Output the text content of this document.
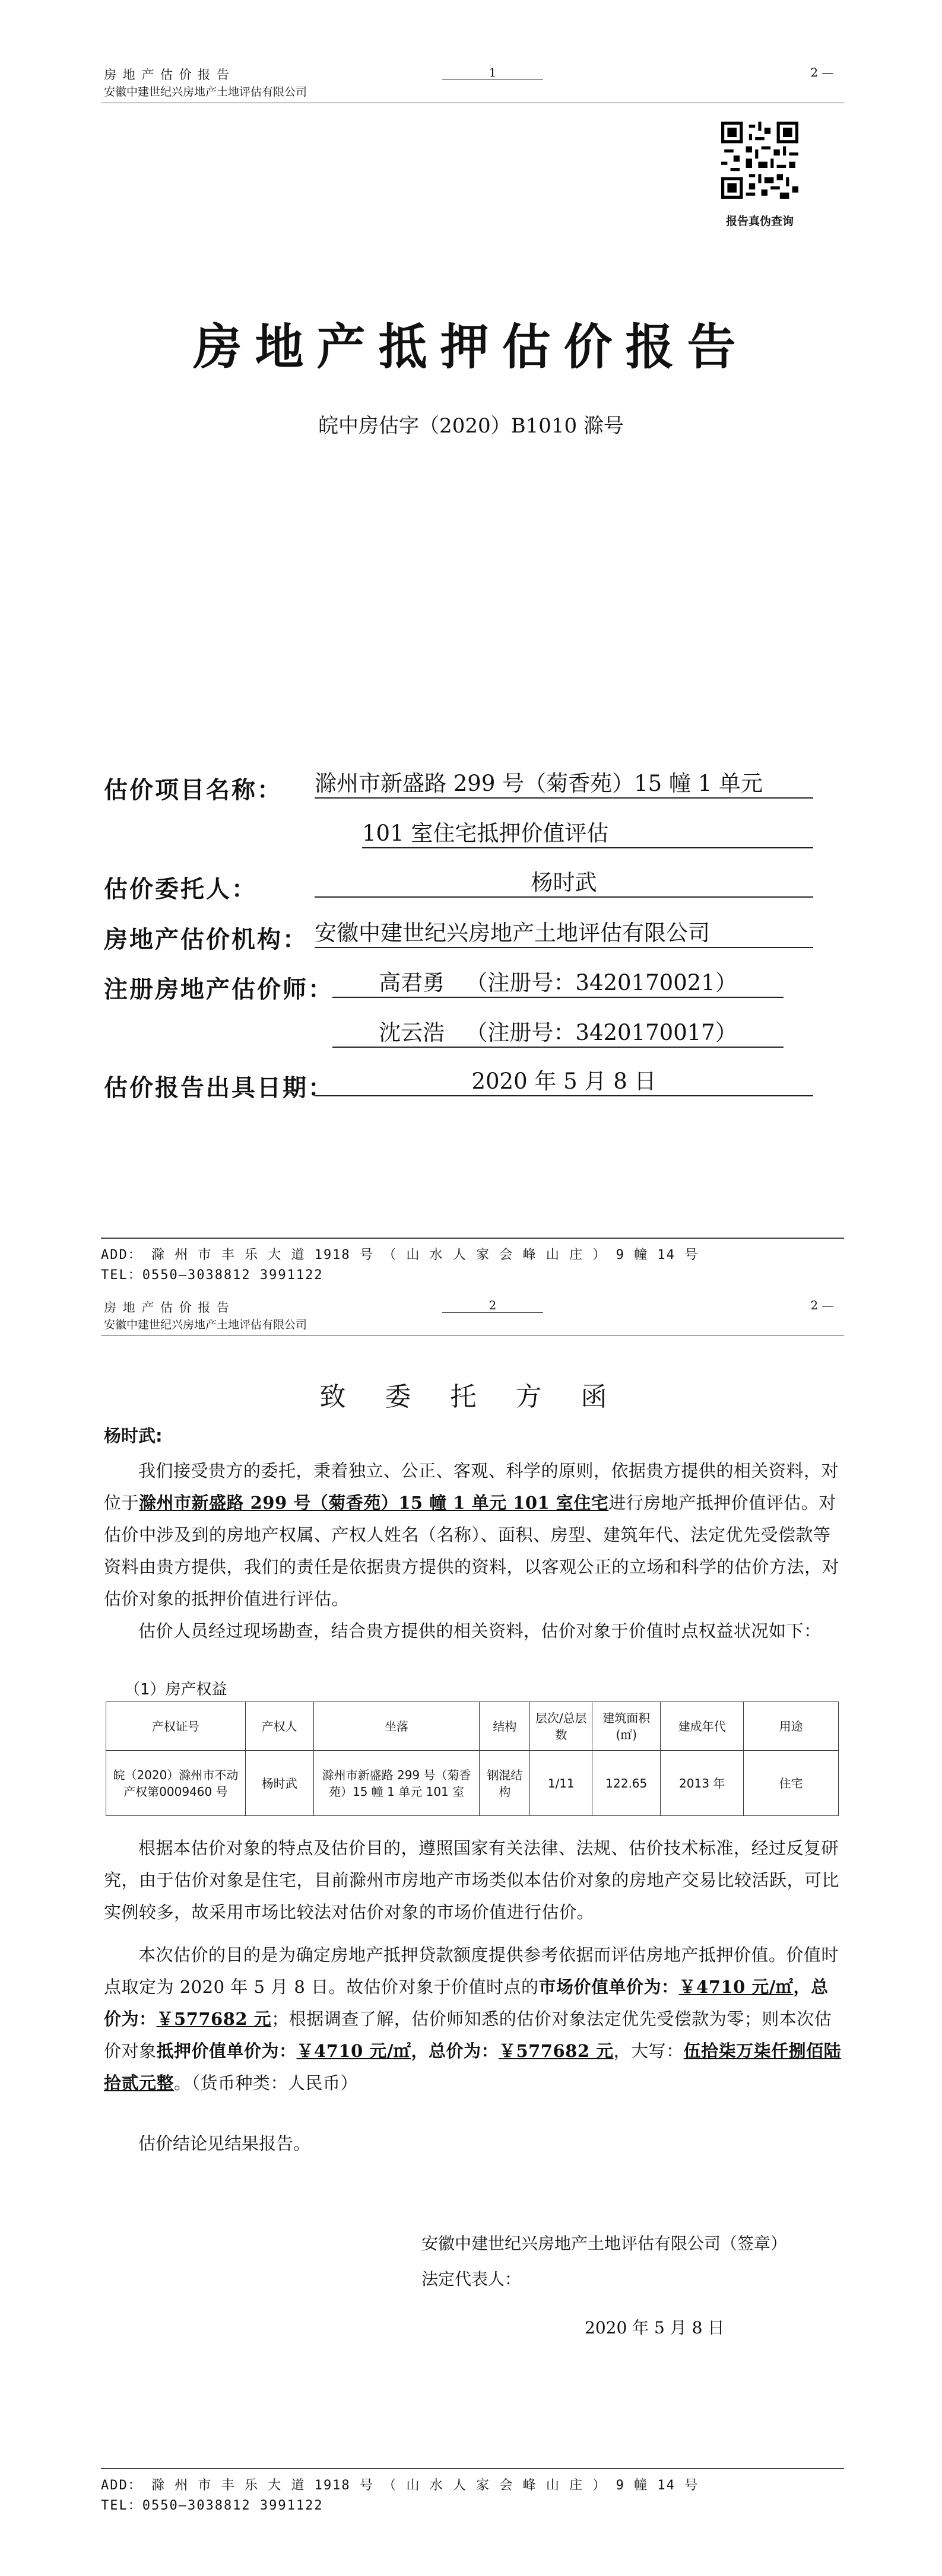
房 地 产 估 价 报 告
安徽中建世纪兴房地产土地评估有限公司
1	2 —
报告真伪查询
房地产抵押估价报告
皖中房估字（2020）B1010 滁号
估价项目名称： 滁州市新盛路 299 号（菊香苑）15 幢 1 单元
101 室住宅抵押价值评估
估价委托人：	杨时武
房地产估价机构： 安徽中建世纪兴房地产土地评估有限公司
注册房地产估价师：	高君勇   （注册号：3420170021）
沈云浩   （注册号：3420170017）
估价报告出具日期：	2020 年 5 月 8 日
ADD： 滁 州 市 丰 乐 大 道 1918 号 （ 山 水 人 家 会 峰 山 庄 ） 9 幢 14 号
TEL：0550—3038812 3991122
房 地 产 估 价 报 告
安徽中建世纪兴房地产土地评估有限公司
2	2 —
致 委 托 方 函
杨时武:
我们接受贵方的委托，秉着独立、公正、客观、科学的原则，依据贵方提供的相关资料，对位于滁州市新盛路 299 号（菊香苑）15 幢 1 单元 101 室住宅进行房地产抵押价值评估。对估价中涉及到的房地产权属、产权人姓名（名称）、面积、房型、建筑年代、法定优先受偿款等资料由贵方提供，我们的责任是依据贵方提供的资料，以客观公正的立场和科学的估价方法，对估价对象的抵押价值进行评估。
估价人员经过现场勘查，结合贵方提供的相关资料，估价对象于价值时点权益状况如下：
（1）房产权益
产权证号	产权人	坐落	结构	层次/总层数	建筑面积(㎡)	建成年代	用途
皖（2020）滁州市不动产权第0009460 号	杨时武	滁州市新盛路 299 号（菊香苑）15 幢 1 单元 101 室	钢混结构	1/11	122.65	2013 年	住宅
根据本估价对象的特点及估价目的，遵照国家有关法律、法规、估价技术标准，经过反复研究，由于估价对象是住宅，目前滁州市房地产市场类似本估价对象的房地产交易比较活跃，可比实例较多，故采用市场比较法对估价对象的市场价值进行估价。
本次估价的目的是为确定房地产抵押贷款额度提供参考依据而评估房地产抵押价值。价值时点取定为 2020 年 5 月 8 日。故估价对象于价值时点的市场价值单价为：￥4710 元/㎡，总价为：￥577682 元；根据调查了解，估价师知悉的估价对象法定优先受偿款为零；则本次估价对象抵押价值单价为：￥4710 元/㎡，总价为：￥577682 元，大写：伍拾柒万柒仟捌佰陆拾贰元整。（货币种类：人民币）
估价结论见结果报告。
安徽中建世纪兴房地产土地评估有限公司（签章）
法定代表人：
2020 年 5 月 8 日
ADD： 滁 州 市 丰 乐 大 道 1918 号 （ 山 水 人 家 会 峰 山 庄 ） 9 幢 14 号
TEL：0550—3038812 3991122
